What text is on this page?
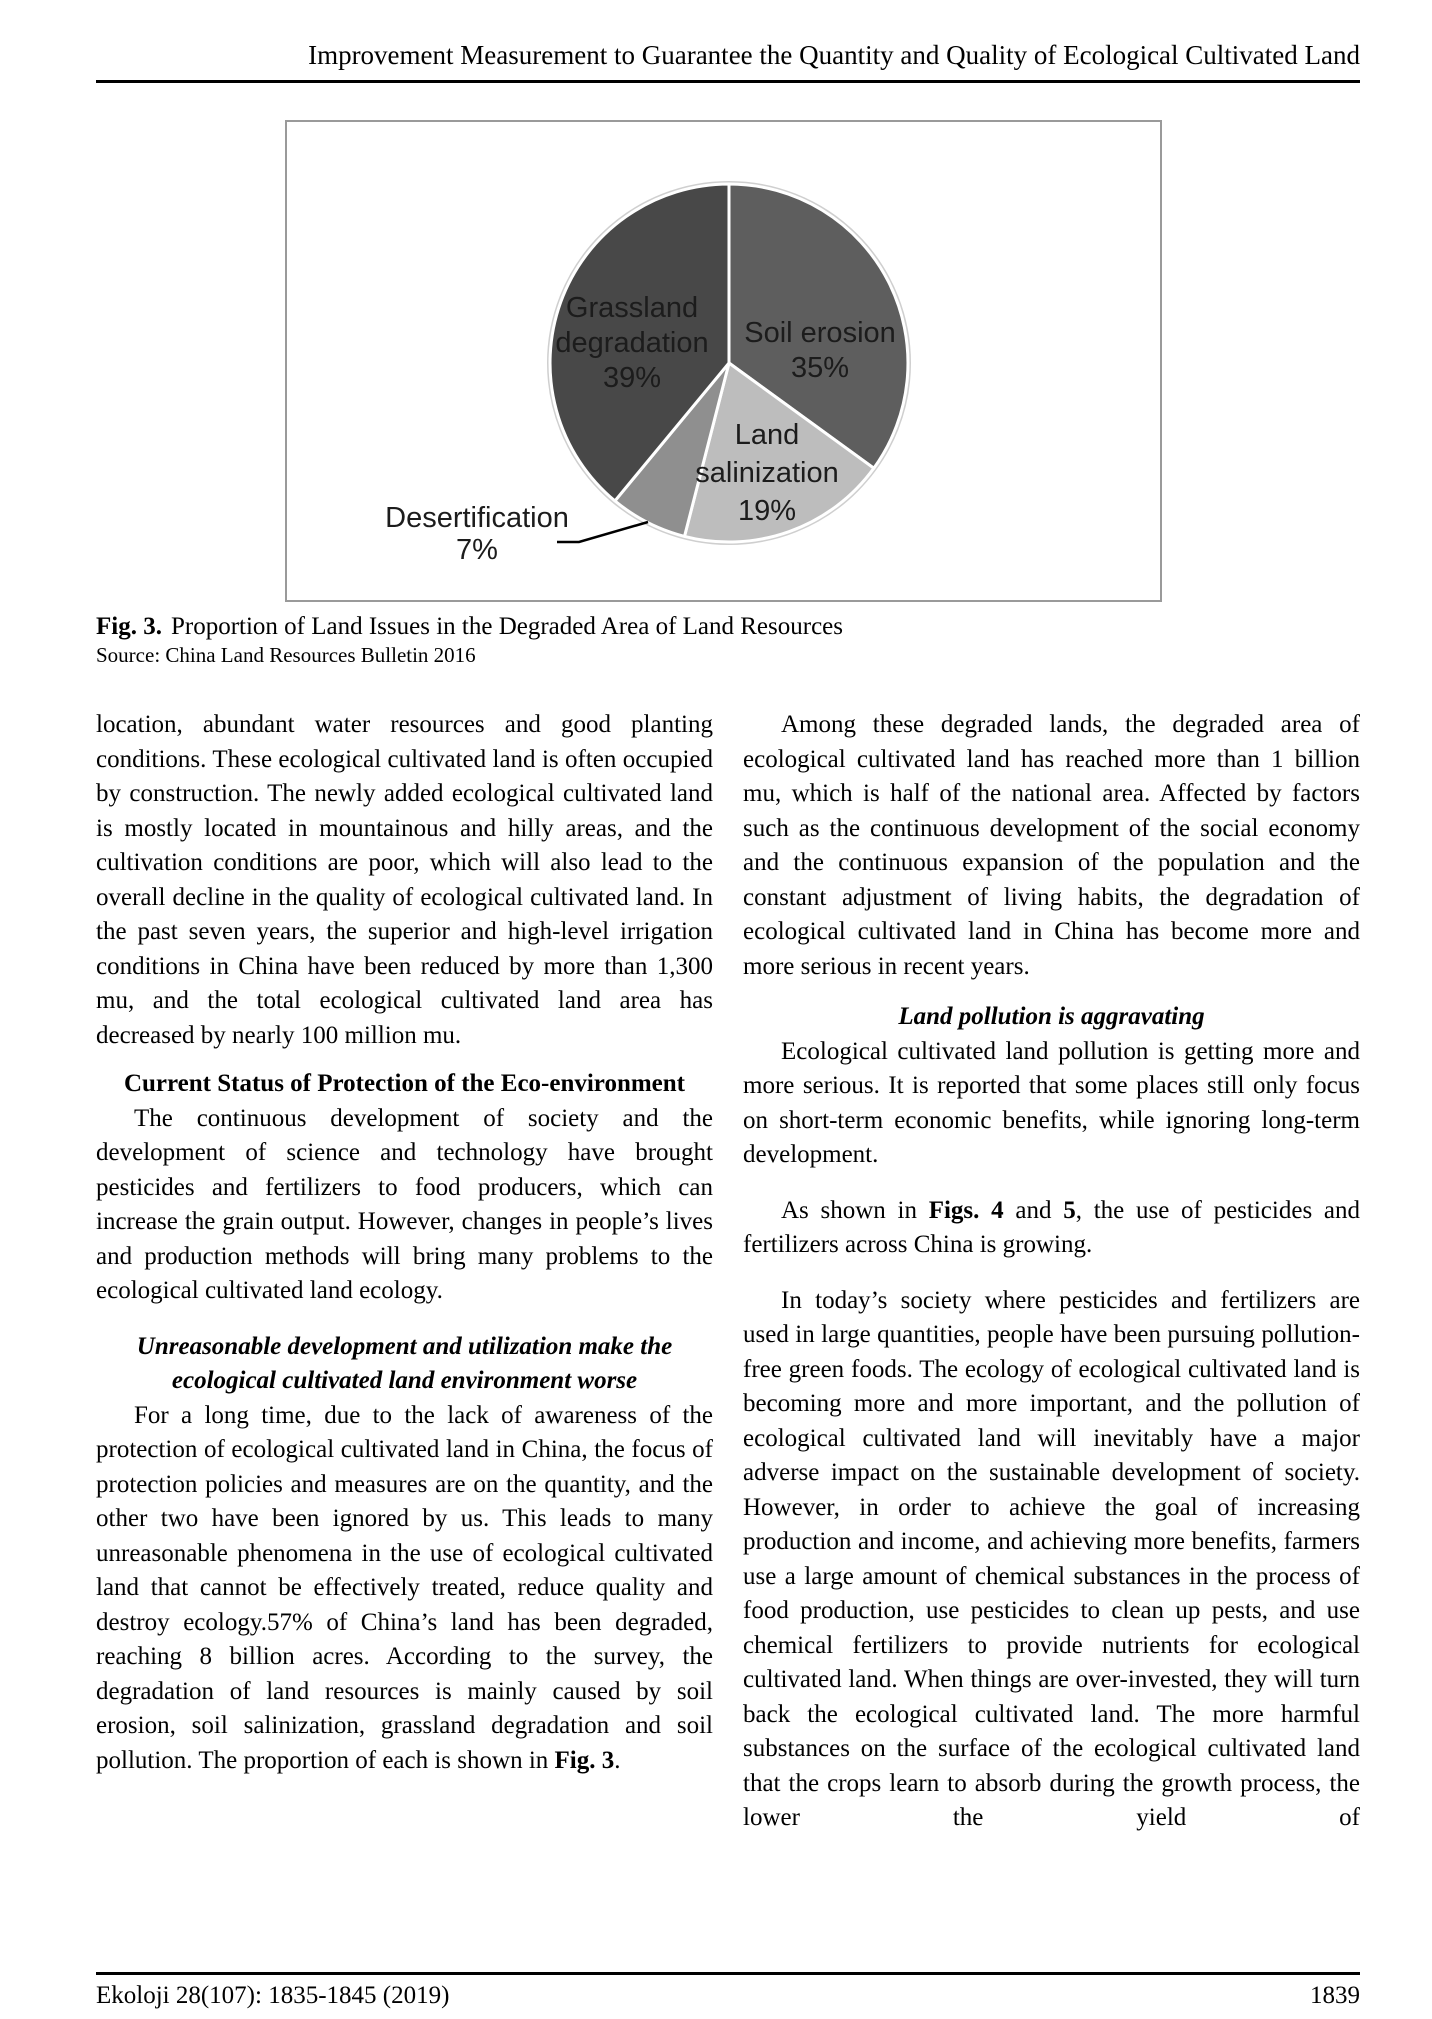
Improvement Measurement to Guarantee the Quantity and Quality of Ecological Cultivated Land
Grassland
degradation
39%
Soil erosion
35%
Land
salinization
19%
Desertification
7%
Fig. 3. Proportion of Land Issues in the Degraded Area of Land Resources
Source: China Land Resources Bulletin 2016

location, abundant water resources and good planting conditions. These ecological cultivated land is often occupied by construction. The newly added ecological cultivated land is mostly located in mountainous and hilly areas, and the cultivation conditions are poor, which will also lead to the overall decline in the quality of ecological cultivated land. In the past seven years, the superior and high-level irrigation conditions in China have been reduced by more than 1,300 mu, and the total ecological cultivated land area has decreased by nearly 100 million mu.

Current Status of Protection of the Eco-environment

The continuous development of society and the development of science and technology have brought pesticides and fertilizers to food producers, which can increase the grain output. However, changes in people’s lives and production methods will bring many problems to the ecological cultivated land ecology.

Unreasonable development and utilization make the ecological cultivated land environment worse

For a long time, due to the lack of awareness of the protection of ecological cultivated land in China, the focus of protection policies and measures are on the quantity, and the other two have been ignored by us. This leads to many unreasonable phenomena in the use of ecological cultivated land that cannot be effectively treated, reduce quality and destroy ecology.57% of China’s land has been degraded, reaching 8 billion acres. According to the survey, the degradation of land resources is mainly caused by soil erosion, soil salinization, grassland degradation and soil pollution. The proportion of each is shown in Fig. 3.

Among these degraded lands, the degraded area of ecological cultivated land has reached more than 1 billion mu, which is half of the national area. Affected by factors such as the continuous development of the social economy and the continuous expansion of the population and the constant adjustment of living habits, the degradation of ecological cultivated land in China has become more and more serious in recent years.

Land pollution is aggravating

Ecological cultivated land pollution is getting more and more serious. It is reported that some places still only focus on short-term economic benefits, while ignoring long-term development.

As shown in Figs. 4 and 5, the use of pesticides and fertilizers across China is growing.

In today’s society where pesticides and fertilizers are used in large quantities, people have been pursuing pollution-free green foods. The ecology of ecological cultivated land is becoming more and more important, and the pollution of ecological cultivated land will inevitably have a major adverse impact on the sustainable development of society. However, in order to achieve the goal of increasing production and income, and achieving more benefits, farmers use a large amount of chemical substances in the process of food production, use pesticides to clean up pests, and use chemical fertilizers to provide nutrients for ecological cultivated land. When things are over-invested, they will turn back the ecological cultivated land. The more harmful substances on the surface of the ecological cultivated land that the crops learn to absorb during the growth process, the lower the yield of

Ekoloji 28(107): 1835-1845 (2019)	1839
